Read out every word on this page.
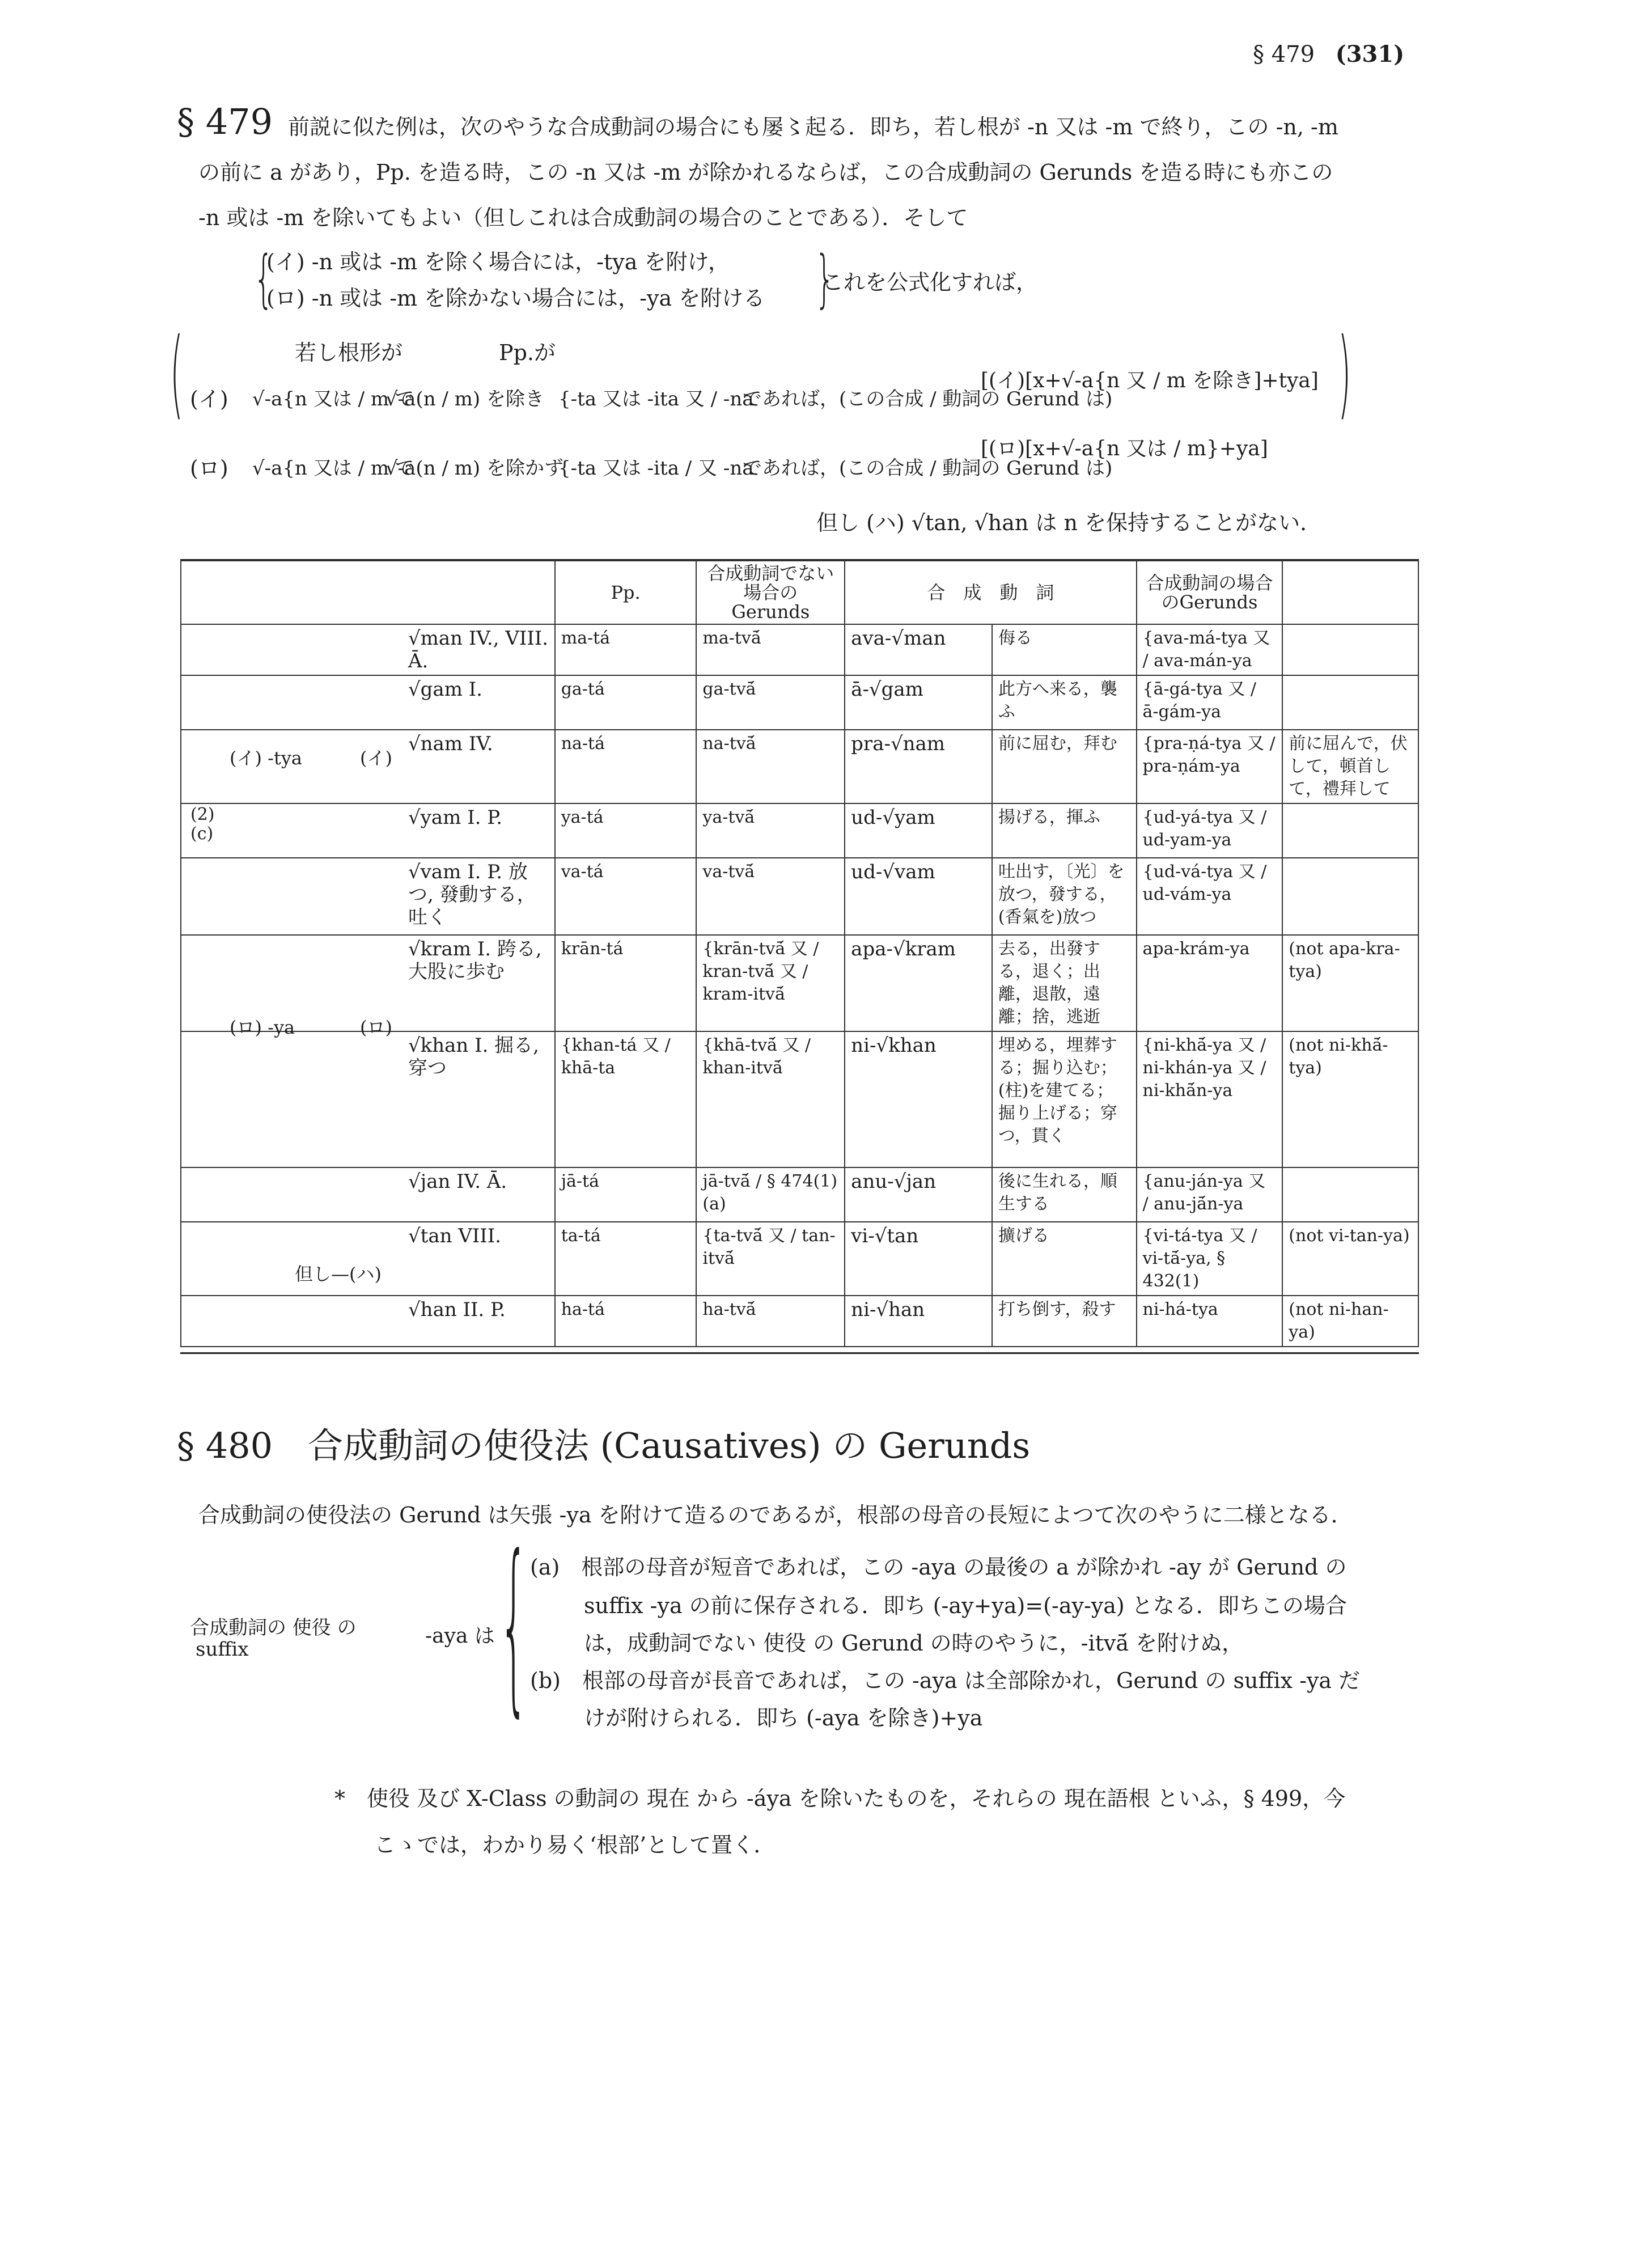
§ 479 (331)
§ 479 前説に似た例は，次のやうな合成動詞の場合にも屡〻起る．即ち，若し根が -n 又は -m で終り，この -n, -m
の前に a があり，Pp. を造る時，この -n 又は -m が除かれるならば，この合成動詞の Gerunds を造る時にも亦この
-n 或は -m を除いてもよい（但しこれは合成動詞の場合のことである）．そして
{
(イ) -n 或は -m を除く場合には，-tya を附け，
(ロ) -n 或は -m を除かない場合には，-ya を附ける }
これを公式化すれば，
(	若し根形が	Pp.が
(イ) √-a{n 又は / m で
√-a(n / m) を除き {-ta 又は -ita 又 / -na
であれば，(この合成 / 動詞の Gerund は)
[(イ)[x+√-a{n 又 / m を除き]+tya]
(ロ) √-a{n 又は / m で
√-a(n / m) を除かず
{-ta 又は -ita / 又 -na
であれば，(この合成 / 動詞の Gerund は)
[(ロ)[x+√-a{n 又は / m}+ya]
)
但し (ハ) √tan, √han は n を保持することがない．
	Pp.	合成動詞でない場合の Gerunds	合　成　動　詞		合成動詞の場合のGerunds	
√man IV., VIII. Ā.	ma-tá	ma-tvā́	ava-√man	侮る	{ava-má-tya 又 / ava-mán-ya	
√gam I.	ga-tá	ga-tvā́	ā-√gam	此方へ来る，襲ふ	{ā-gá-tya 又 / ā-gám-ya	
√nam IV.	na-tá	na-tvā́	pra-√nam	前に屈む，拜む	{pra-ṇá-tya 又 / pra-ṇám-ya	前に屈んで，伏して，頓首して，禮拜して
√yam I. P.	ya-tá	ya-tvā́	ud-√yam	揚げる，揮ふ	{ud-yá-tya 又 / ud-yam-ya	
√vam I. P. 放つ, 發動する，吐く	va-tá	va-tvā́	ud-√vam	吐出す，〔光〕を放つ，發する，(香氣を)放つ	{ud-vá-tya 又 / ud-vám-ya	
√kram I. 跨る, 大股に歩む	krān-tá	{krān-tvā́ 又 / kran-tvā́ 又 / kram-itvā́	apa-√kram	去る，出發する，退く；出離，退散，遠離；捨，逃逝	apa-krám-ya	(not apa-kra-tya)
√khan I. 掘る, 穿つ	{khan-tá 又 / khā-ta	{khā-tvā́ 又 / khan-itvā́	ni-√khan	埋める，埋葬する；掘り込む；(柱)を建てる；掘り上げる；穿つ，貫く	{ni-khā́-ya 又 / ni-khán-ya 又 / ni-khā́n-ya	(not ni-khā́-tya)
√jan IV. Ā.	jā-tá	jā-tvā́ / § 474(1)(a)	anu-√jan	後に生れる，順生する	{anu-ján-ya 又 / anu-jā́n-ya	
√tan VIII.	ta-tá	{ta-tvā́ 又 / tan-itvā́	vi-√tan	擴げる	{vi-tá-tya 又 / vi-tā́-ya, § 432(1)	(not vi-tan-ya)
√han II. P.	ha-tá	ha-tvā́	ni-√han	打ち倒す，殺す	ni-há-tya	(not ni-han-ya)
(2)(c)
(イ) -tya
(ロ) -ya
(イ)
(ロ)
但し—(ハ)
§ 480　合成動詞の使役法 (Causatives) の Gerunds
合成動詞の使役法の Gerund は矢張 -ya を附けて造るのであるが，根部の母音の長短によつて次のやうに二様となる．
合成動詞の 使役 の
suffix
-aya は { (a)　根部の母音が短音であれば，この -aya の最後の a が除かれ -ay が Gerund の
suffix -ya の前に保存される．即ち (-ay+ya)=(-ay-ya) となる．即ちこの場合
は，成動詞でない 使役 の Gerund の時のやうに，-itvā́ を附けぬ，
(b)　根部の母音が長音であれば，この -aya は全部除かれ，Gerund の suffix -ya だ
けが附けられる．即ち (-aya を除き)+ya
*　使役 及び X-Class の動詞の 現在 から -áya を除いたものを，それらの 現在語根 といふ，§ 499，今
こゝでは，わかり易く‘根部’として置く．
